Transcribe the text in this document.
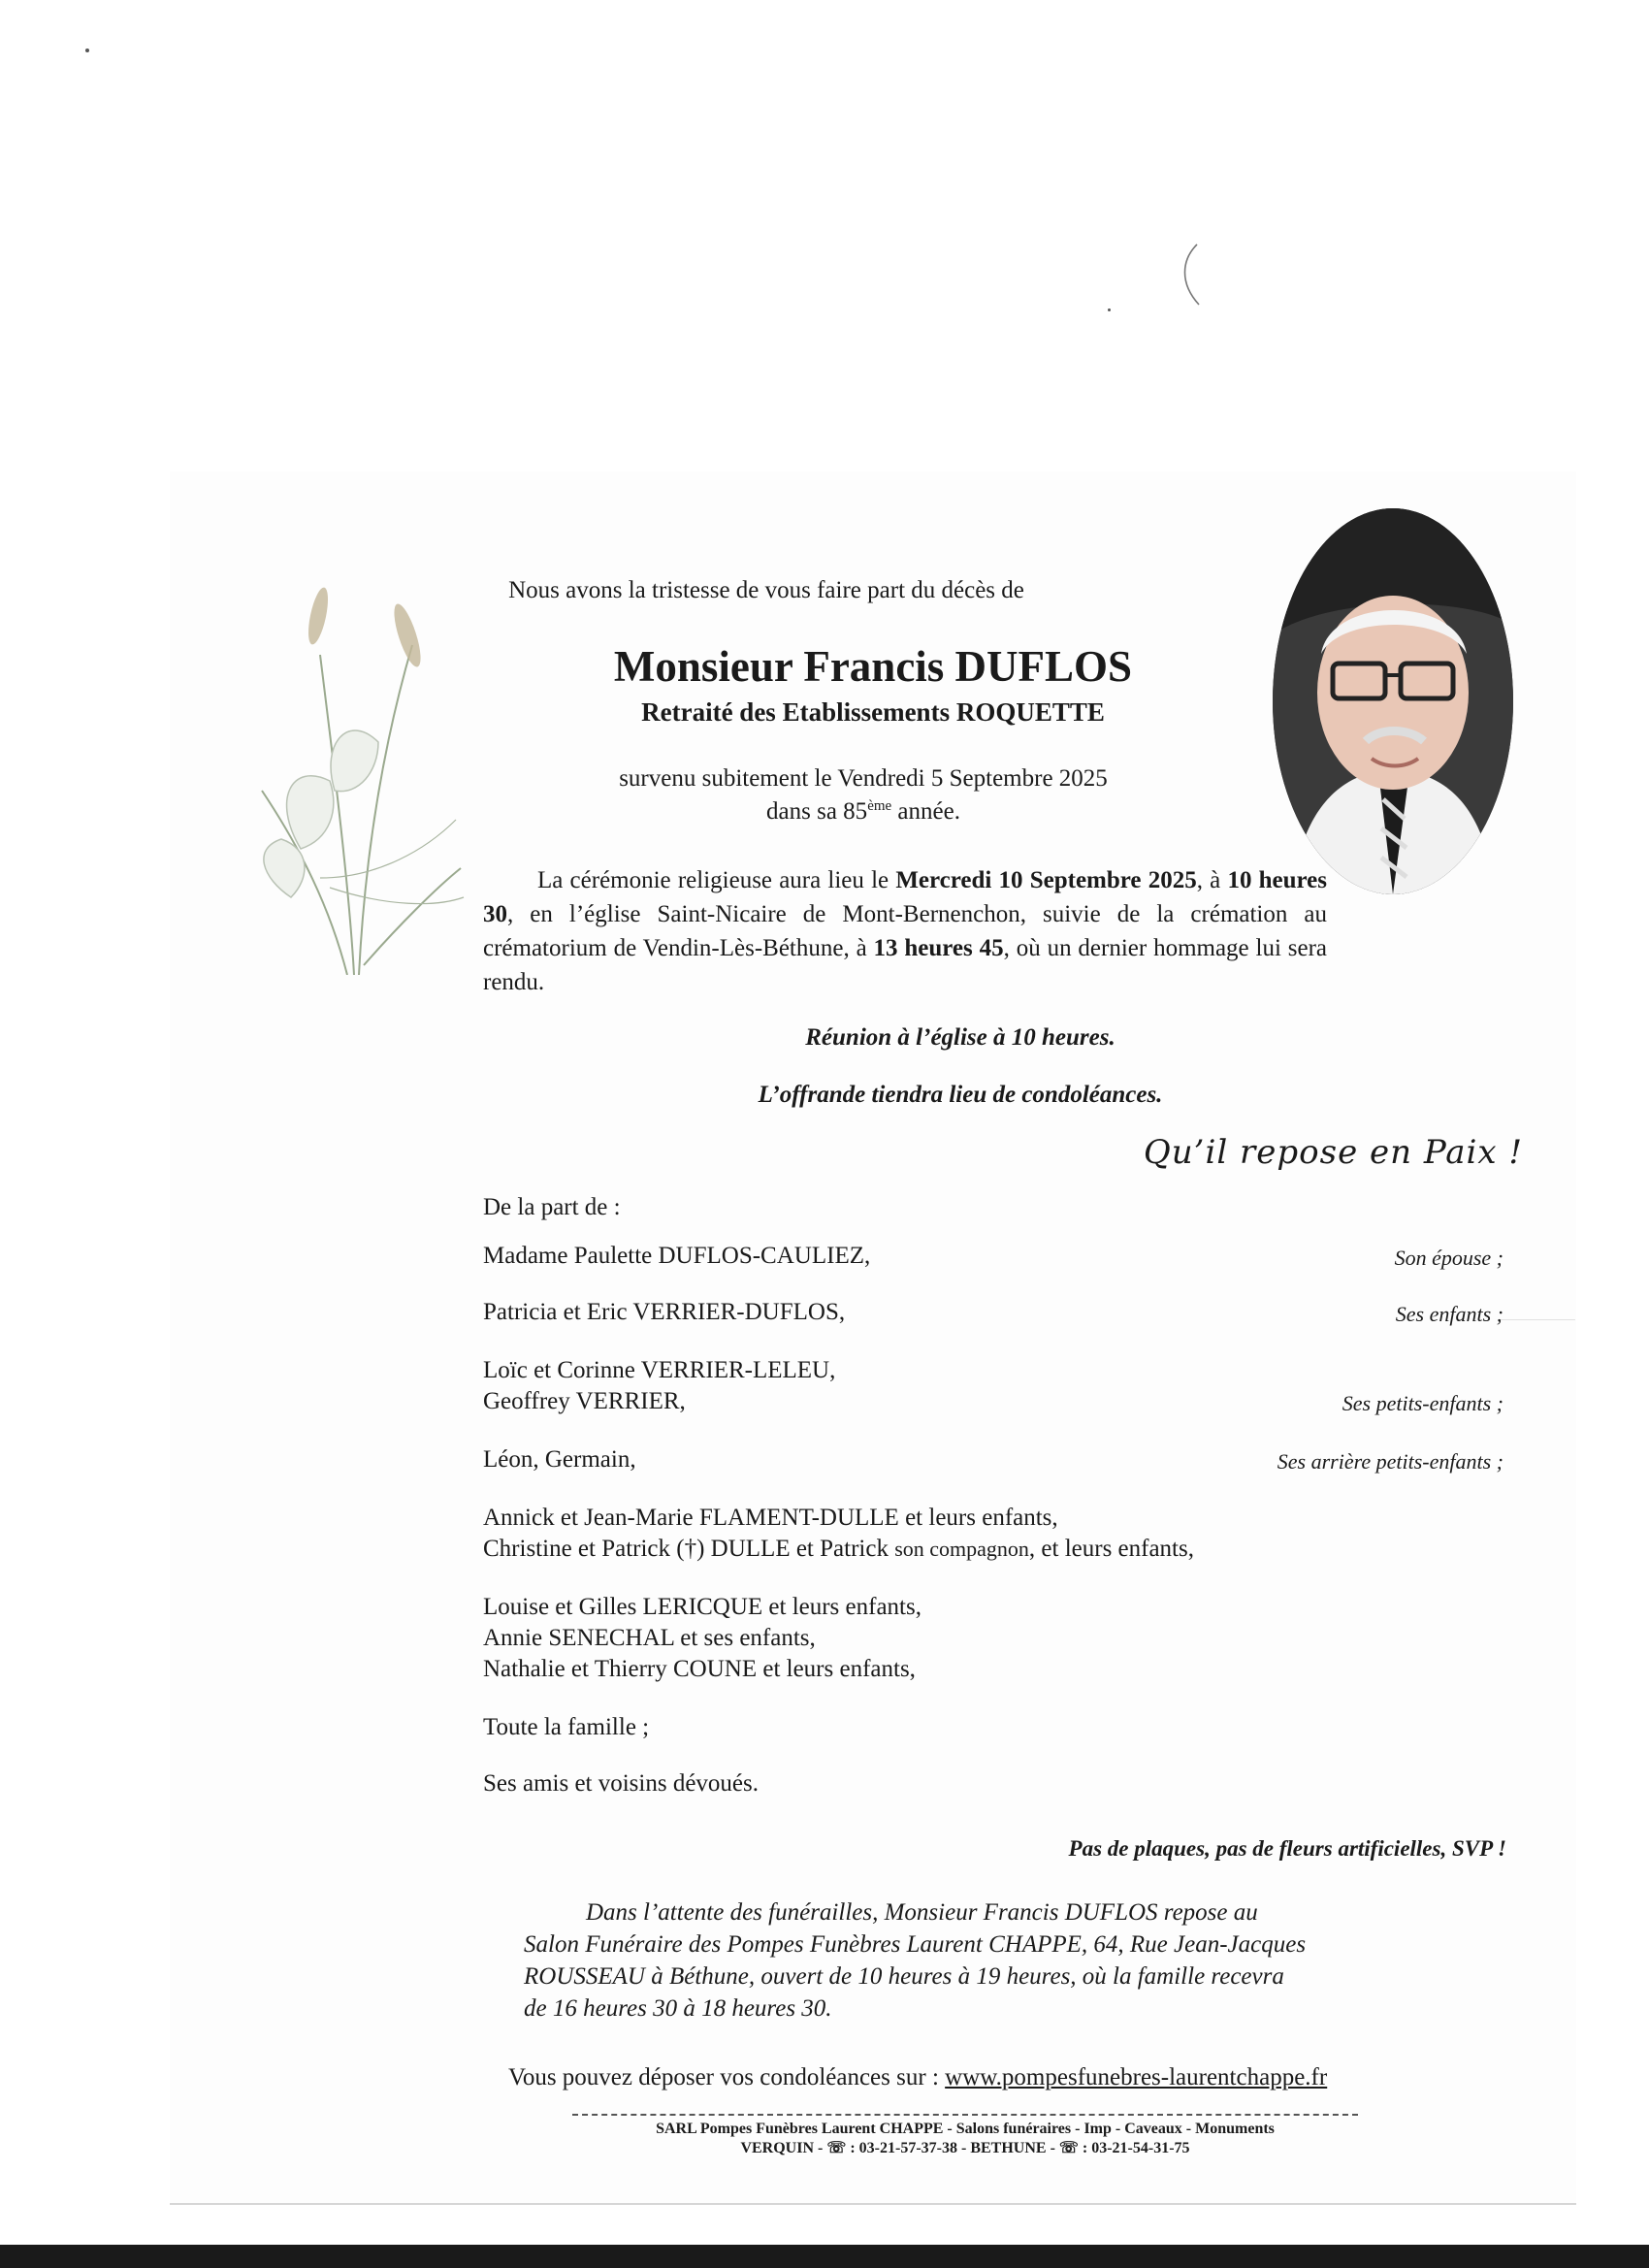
Nous avons la tristesse de vous faire part du décès de
Monsieur Francis DUFLOS
Retraité des Etablissements ROQUETTE
survenu subitement le Vendredi 5 Septembre 2025
dans sa 85ème année.
La cérémonie religieuse aura lieu le Mercredi 10 Septembre 2025, à 10 heures 30, en l’église Saint-Nicaire de Mont-Bernenchon, suivie de la crémation au crématorium de Vendin-Lès-Béthune, à 13 heures 45, où un dernier hommage lui sera rendu.
Réunion à l’église à 10 heures.
L’offrande tiendra lieu de condoléances.
Qu’il repose en Paix !
De la part de :
Madame Paulette DUFLOS-CAULIEZ,	Son épouse ;
Patricia et Eric VERRIER-DUFLOS,	Ses enfants ;
Loïc et Corinne VERRIER-LELEU,
Geoffrey VERRIER,	Ses petits-enfants ;
Léon, Germain,	Ses arrière petits-enfants ;
Annick et Jean-Marie FLAMENT-DULLE et leurs enfants,
Christine et Patrick (†) DULLE et Patrick son compagnon, et leurs enfants,
Louise et Gilles LERICQUE et leurs enfants,
Annie SENECHAL et ses enfants,
Nathalie et Thierry COUNE et leurs enfants,
Toute la famille ;
Ses amis et voisins dévoués.
Pas de plaques, pas de fleurs artificielles, SVP !
Dans l’attente des funérailles, Monsieur Francis DUFLOS repose au
Salon Funéraire des Pompes Funèbres Laurent CHAPPE, 64, Rue Jean-Jacques
ROUSSEAU à Béthune, ouvert de 10 heures à 19 heures, où la famille recevra
de 16 heures 30 à 18 heures 30.
Vous pouvez déposer vos condoléances sur : www.pompesfunebres-laurentchappe.fr
SARL Pompes Funèbres Laurent CHAPPE - Salons funéraires - Imp - Caveaux - Monuments
VERQUIN - ☏ : 03-21-57-37-38 - BETHUNE - ☏ : 03-21-54-31-75
